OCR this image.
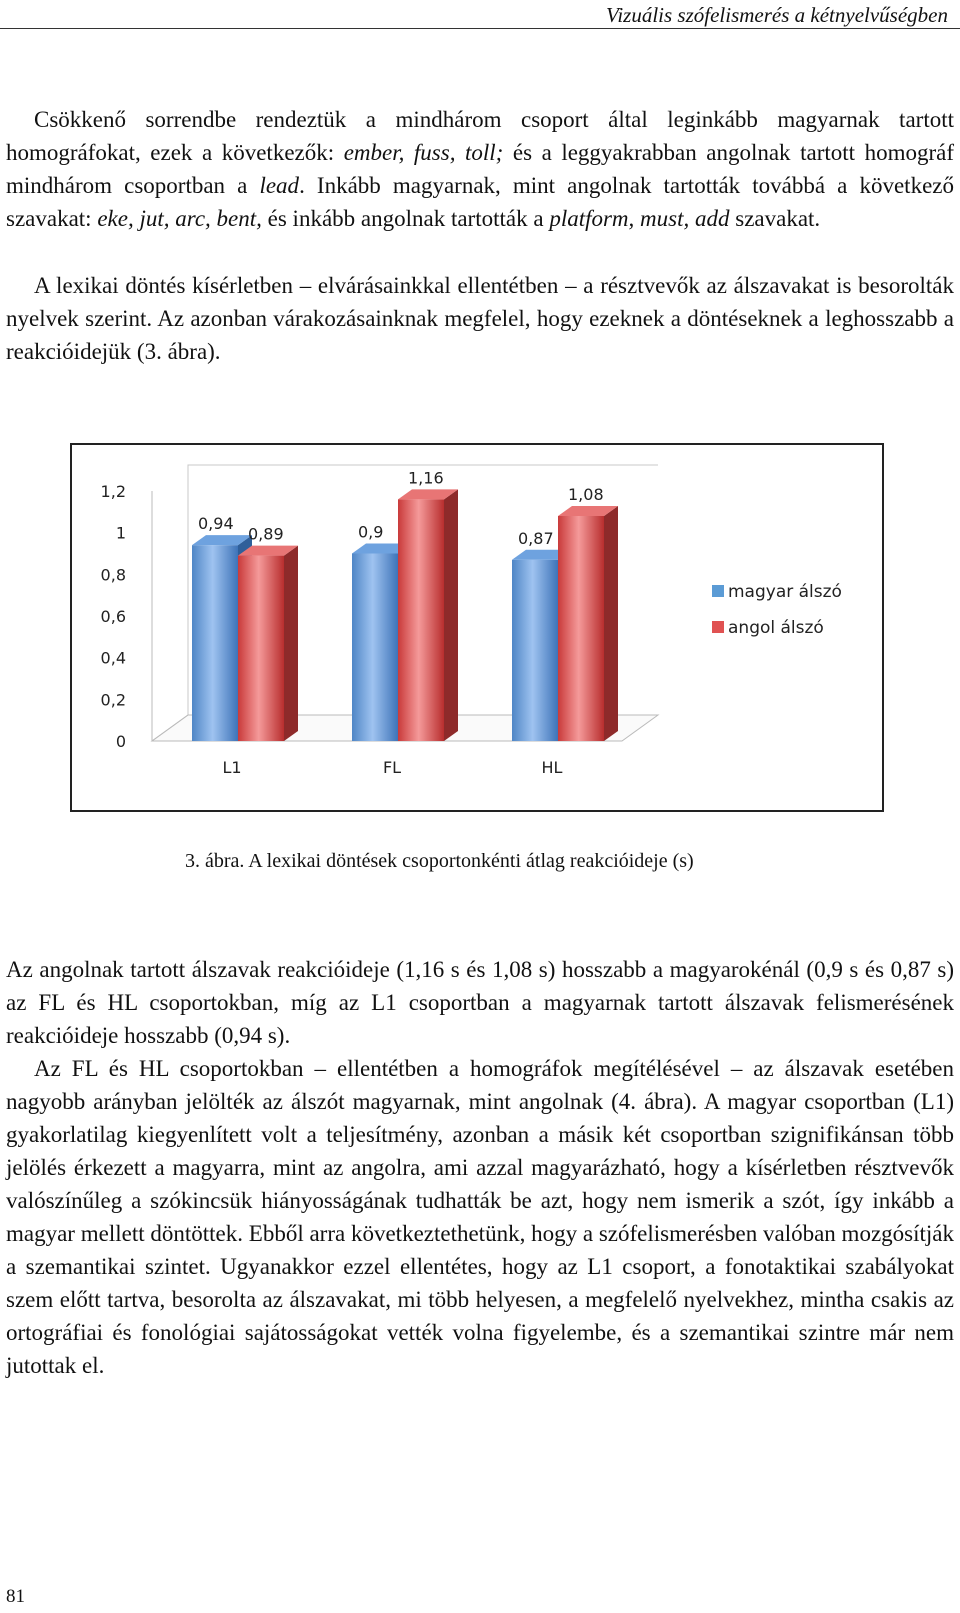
Vizuális szófelismerés a kétnyelvűségben

Csökkenő sorrendbe rendeztük a mindhárom csoport által leginkább magyarnak tartott homográfokat, ezek a következők: ember, fuss, toll; és a leggyakrabban angolnak tartott homográf mindhárom csoportban a lead. Inkább magyarnak, mint angolnak tartották továbbá a következő szavakat: eke, jut, arc, bent, és inkább angolnak tartották a platform, must, add szavakat.

A lexikai döntés kísérletben – elvárásainkkal ellentétben – a résztvevők az álszavakat is besorolták nyelvek szerint. Az azonban várakozásainknak megfelel, hogy ezeknek a döntéseknek a leghosszabb a reakcióidejük (3. ábra).

0
0,2
0,4
0,6
0,8
1
1,2
0,94
0,89
L1
0,9
1,16
FL
0,87
1,08
HL
magyar álszó
angol álszó
3. ábra. A lexikai döntések csoportonkénti átlag reakcióideje (s)

Az angolnak tartott álszavak reakcióideje (1,16 s és 1,08 s) hosszabb a magyarokénál (0,9 s és 0,87 s) az FL és HL csoportokban, míg az L1 csoportban a magyarnak tartott álszavak felismerésének reakcióideje hosszabb (0,94 s).

Az FL és HL csoportokban – ellentétben a homográfok megítélésével – az álszavak esetében nagyobb arányban jelölték az álszót magyarnak, mint angolnak (4. ábra). A magyar csoportban (L1) gyakorlatilag kiegyenlített volt a teljesítmény, azonban a másik két csoportban szignifikánsan több jelölés érkezett a magyarra, mint az angolra, ami azzal magyarázható, hogy a kísérletben résztvevők valószínűleg a szókincsük hiányosságának tudhatták be azt, hogy nem ismerik a szót, így inkább a magyar mellett döntöttek. Ebből arra következtethetünk, hogy a szófelismerésben valóban mozgósítják a szemantikai szintet. Ugyanakkor ezzel ellentétes, hogy az L1 csoport, a fonotaktikai szabályokat szem előtt tartva, besorolta az álszavakat, mi több helyesen, a megfelelő nyelvekhez, mintha csakis az ortográfiai és fonológiai sajátosságokat vették volna figyelembe, és a szemantikai szintre már nem jutottak el.

81
